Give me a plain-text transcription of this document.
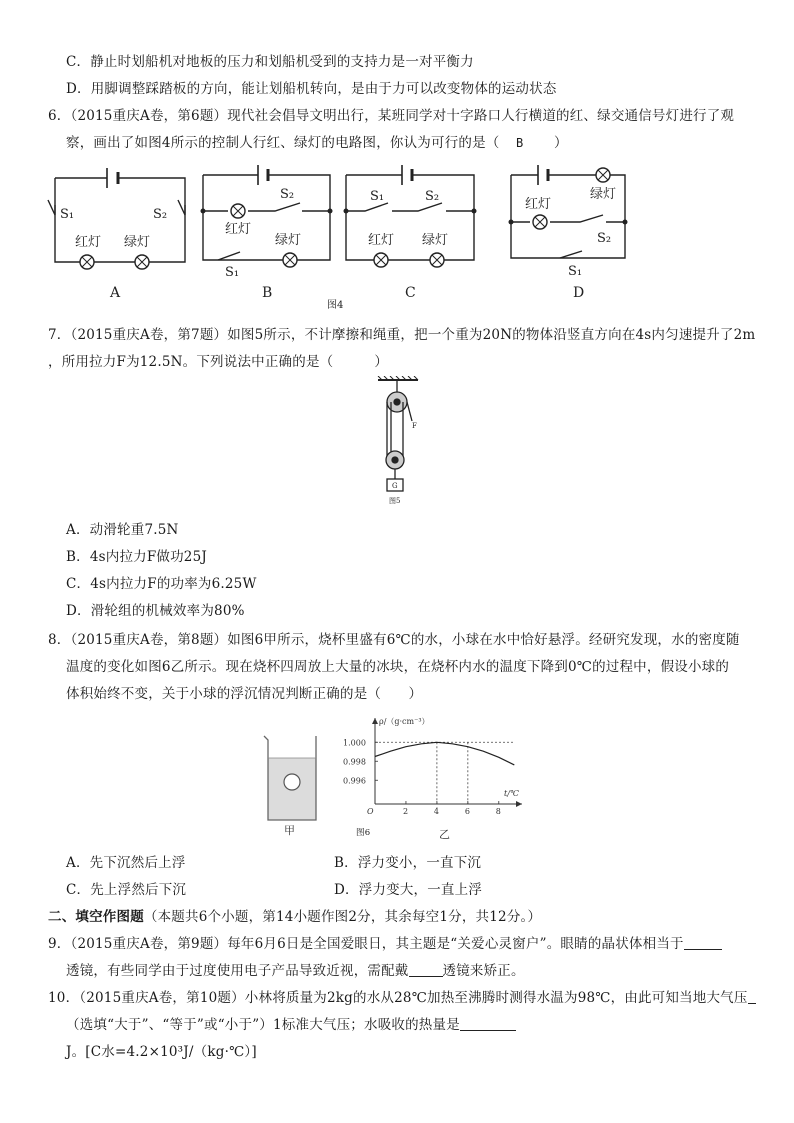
C．静止时划船机对地板的压力和划船机受到的支持力是一对平衡力
D．用脚调整踩踏板的方向，能让划船机转向，是由于力可以改变物体的运动状态
6．（2015重庆A卷，第6题）现代社会倡导文明出行，某班同学对十字路口人行横道的红、绿交通信号灯进行了观
察，画出了如图4所示的控制人行红、绿灯的电路图，你认为可行的是（ B ）
S₁	S₂
红灯 绿灯
A
S₂
红灯
绿灯
S₁
B
S₁	S₂
红灯 绿灯
C
绿灯
红灯
S₂
S₁
D
图4
7．（2015重庆A卷，第7题）如图5所示，不计摩擦和绳重，把一个重为20N的物体沿竖直方向在4s内匀速提升了2m
，所用拉力F为12.5N。下列说法中正确的是（　　　）
F
G
图5
A．动滑轮重7.5N
B．4s内拉力F做功25J
C．4s内拉力F的功率为6.25W
D．滑轮组的机械效率为80%
8．（2015重庆A卷，第8题）如图6甲所示，烧杯里盛有6℃的水，小球在水中恰好悬浮。经研究发现，水的密度随
温度的变化如图6乙所示。现在烧杯四周放上大量的冰块，在烧杯内水的温度下降到0℃的过程中，假设小球的
体积始终不变，关于小球的浮沉情况判断正确的是（　　）
甲
2	4	6	8
1.000
0.998
0.996
ρ/（g·cm⁻³）
t/℃
O
图6	乙
A．先下沉然后上浮	B．浮力变小，一直下沉
C．先上浮然后下沉	D．浮力变大，一直上浮
二、填空作图题（本题共6个小题，第14小题作图2分，其余每空1分，共12分。）
9．（2015重庆A卷，第9题）每年6月6日是全国爱眼日，其主题是“关爱心灵窗户”。眼睛的晶状体相当于
透镜，有些同学由于过度使用电子产品导致近视，需配戴	透镜来矫正。
10．（2015重庆A卷，第10题）小林将质量为2kg的水从28℃加热至沸腾时测得水温为98℃，由此可知当地大气压
（选填“大于”、“等于”或“小于”）1标准大气压；水吸收的热量是
J。[C水=4.2×10³J/（kg·℃）]
